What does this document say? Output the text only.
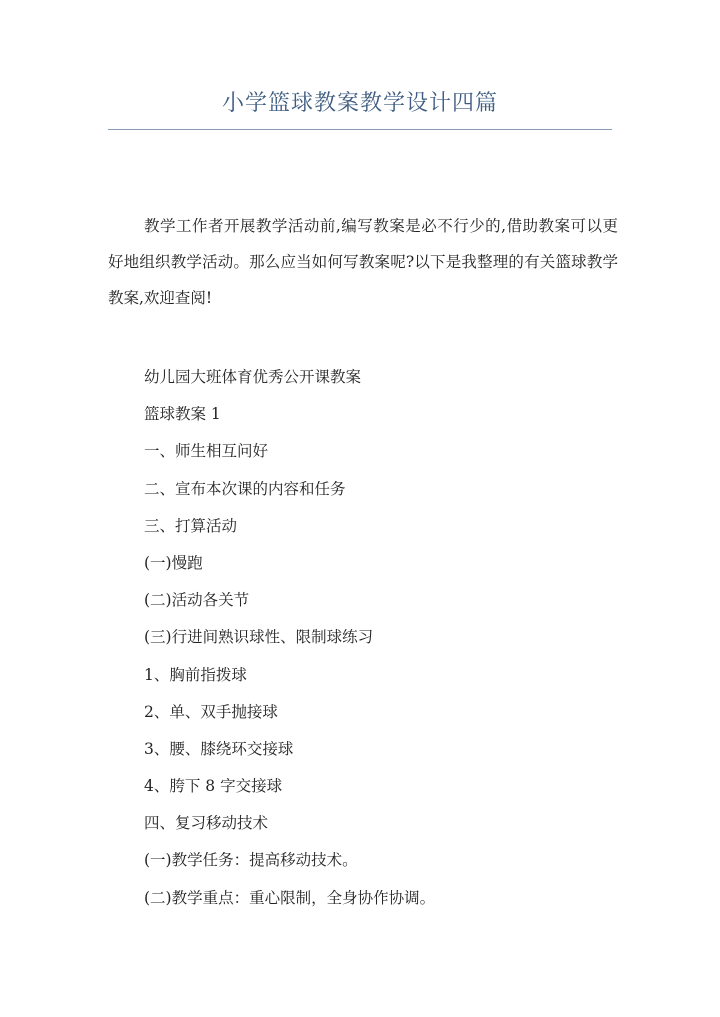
小学篮球教案教学设计四篇

教学工作者开展教学活动前,编写教案是必不行少的,借助教案可以更好地组织教学活动。那么应当如何写教案呢?以下是我整理的有关篮球教学教案,欢迎查阅!

幼儿园大班体育优秀公开课教案
篮球教案 1
一、师生相互问好
二、宣布本次课的内容和任务
三、打算活动
(一)慢跑
(二)活动各关节
(三)行进间熟识球性、限制球练习
1、胸前指拨球
2、单、双手抛接球
3、腰、膝绕环交接球
4、胯下 8 字交接球
四、复习移动技术
(一)教学任务：提高移动技术。
(二)教学重点：重心限制，全身协作协调。
